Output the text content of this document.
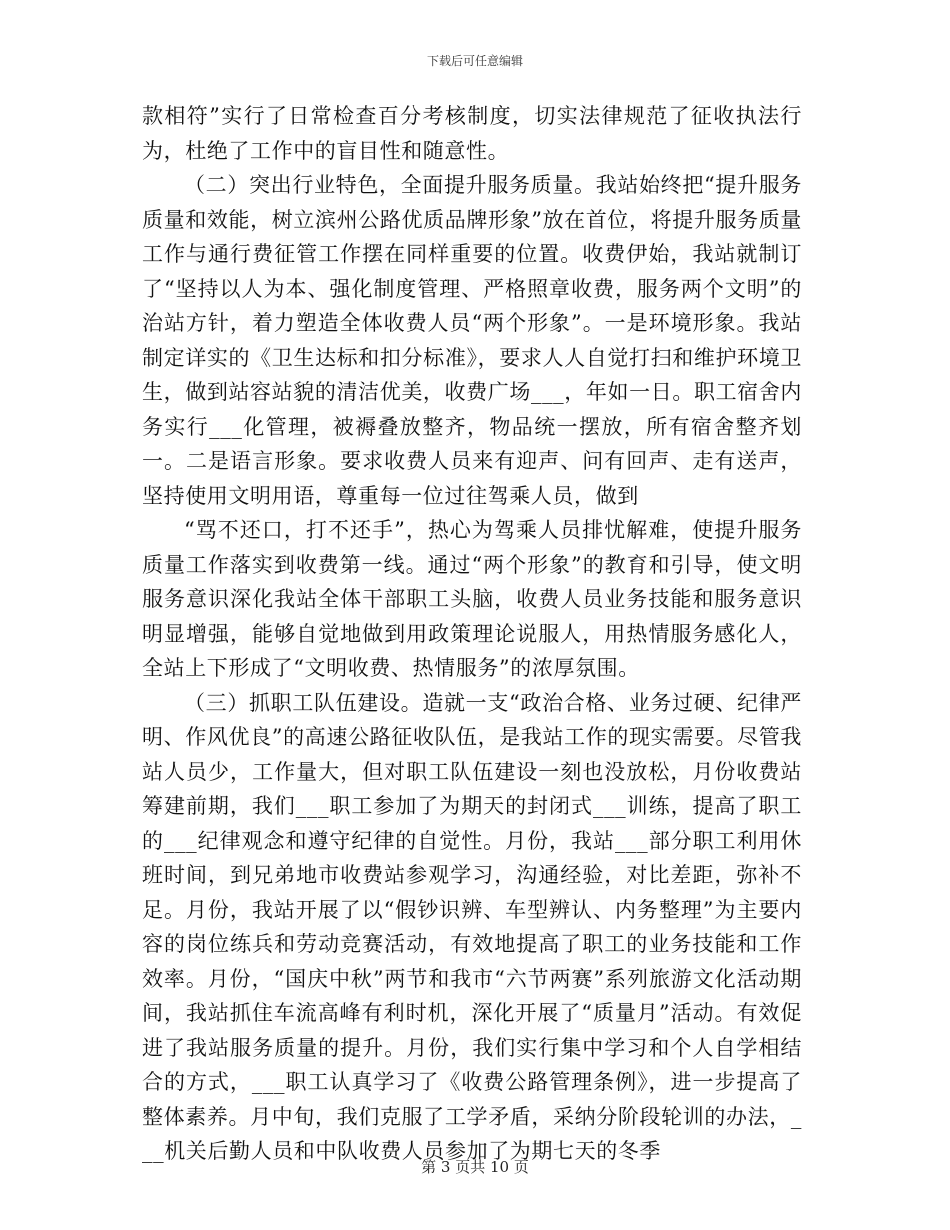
下载后可任意编辑

款相符”实行了日常检查百分考核制度，切实法律规范了征收执法行为，杜绝了工作中的盲目性和随意性。

（二）突出行业特色，全面提升服务质量。我站始终把“提升服务质量和效能，树立滨州公路优质品牌形象”放在首位，将提升服务质量工作与通行费征管工作摆在同样重要的位置。收费伊始，我站就制订了“坚持以人为本、强化制度管理、严格照章收费，服务两个文明”的治站方针，着力塑造全体收费人员“两个形象”。一是环境形象。我站制定详实的《卫生达标和扣分标准》，要求人人自觉打扫和维护环境卫生，做到站容站貌的清洁优美，收费广场___，年如一日。职工宿舍内务实行___化管理，被褥叠放整齐，物品统一摆放，所有宿舍整齐划一。二是语言形象。要求收费人员来有迎声、问有回声、走有送声，坚持使用文明用语，尊重每一位过往驾乘人员，做到

“骂不还口，打不还手”，热心为驾乘人员排忧解难，使提升服务质量工作落实到收费第一线。通过“两个形象”的教育和引导，使文明服务意识深化我站全体干部职工头脑，收费人员业务技能和服务意识明显增强，能够自觉地做到用政策理论说服人，用热情服务感化人，全站上下形成了“文明收费、热情服务”的浓厚氛围。

（三）抓职工队伍建设。造就一支“政治合格、业务过硬、纪律严明、作风优良”的高速公路征收队伍，是我站工作的现实需要。尽管我站人员少，工作量大，但对职工队伍建设一刻也没放松，月份收费站筹建前期，我们___职工参加了为期天的封闭式___训练，提高了职工的___纪律观念和遵守纪律的自觉性。月份，我站___部分职工利用休班时间，到兄弟地市收费站参观学习，沟通经验，对比差距，弥补不足。月份，我站开展了以“假钞识辨、车型辨认、内务整理”为主要内容的岗位练兵和劳动竞赛活动，有效地提高了职工的业务技能和工作效率。月份，“国庆中秋”两节和我市“六节两赛”系列旅游文化活动期间，我站抓住车流高峰有利时机，深化开展了“质量月”活动。有效促进了我站服务质量的提升。月份，我们实行集中学习和个人自学相结合的方式，___职工认真学习了《收费公路管理条例》，进一步提高了整体素养。月中旬，我们克服了工学矛盾，采纳分阶段轮训的办法，___机关后勤人员和中队收费人员参加了为期七天的冬季

第 3 页共 10 页
